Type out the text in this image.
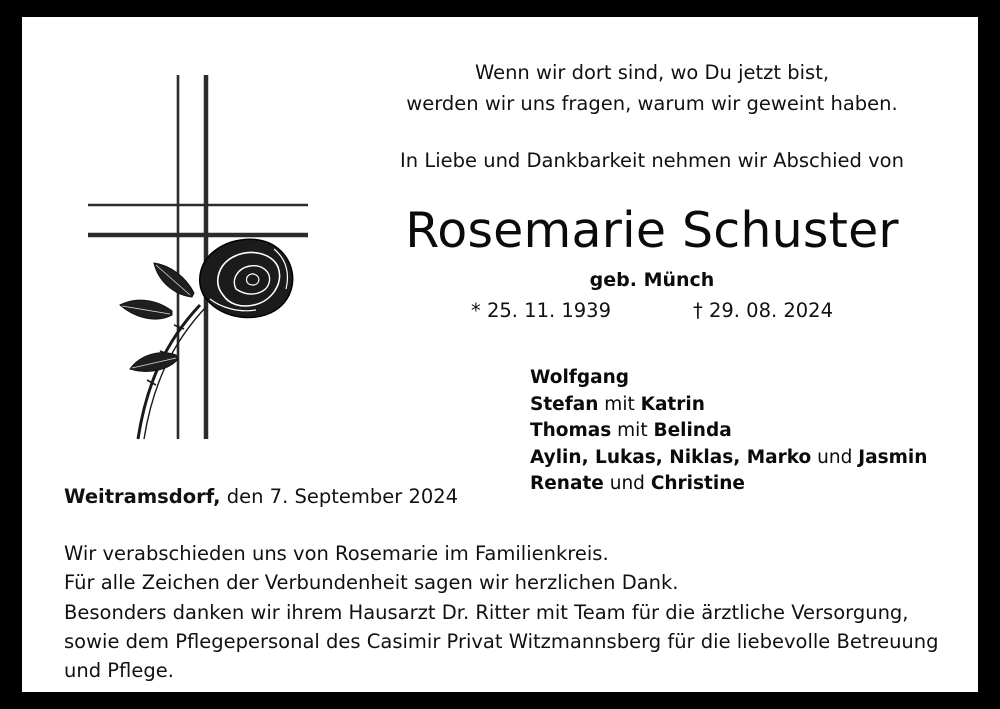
Wenn wir dort sind, wo Du jetzt bist,
werden wir uns fragen, warum wir geweint haben.
In Liebe und Dankbarkeit nehmen wir Abschied von
Rosemarie Schuster
geb. Münch
* 25. 11. 1939	† 29. 08. 2024
Wolfgang
Stefan mit Katrin
Thomas mit Belinda
Aylin, Lukas, Niklas, Marko und Jasmin
Renate und Christine
Weitramsdorf, den 7. September 2024
Wir verabschieden uns von Rosemarie im Familienkreis.
Für alle Zeichen der Verbundenheit sagen wir herzlichen Dank.
Besonders danken wir ihrem Hausarzt Dr. Ritter mit Team für die ärztliche Versorgung,
sowie dem Pflegepersonal des Casimir Privat Witzmannsberg für die liebevolle Betreuung
und Pflege.
